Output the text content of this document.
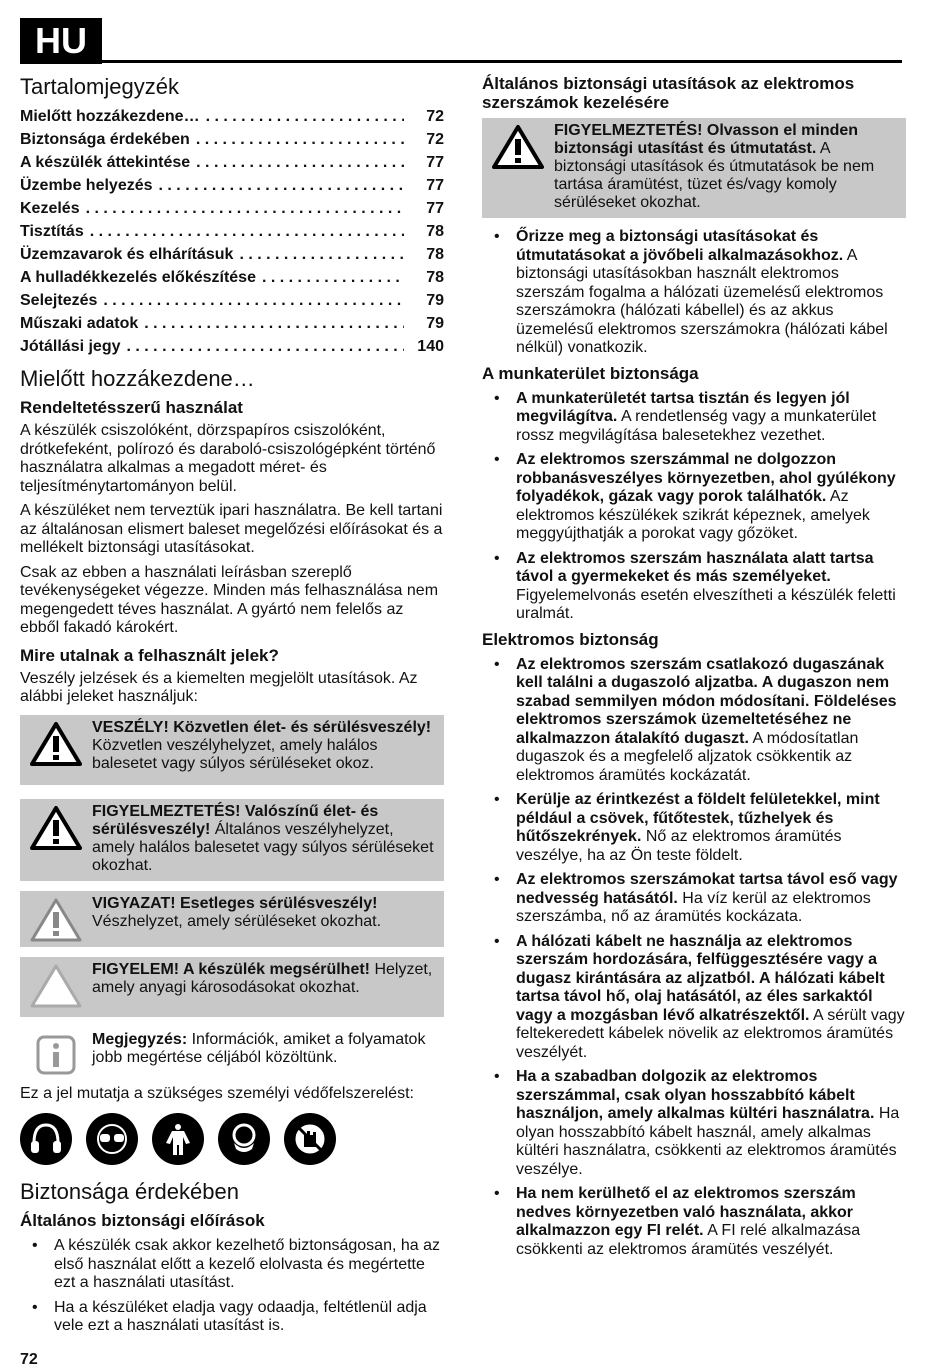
HU
Tartalomjegyzék
Mielőtt hozzákezdene… . . .	72
Biztonsága érdekében . . .	72
A készülék áttekintése . . .	77
Üzembe helyezés . . .	77
Kezelés . . .	77
Tisztítás . . .	78
Üzemzavarok és elhárításuk . . .	78
A hulladékkezelés előkészítése . . .	78
Selejtezés . . .	79
Műszaki adatok . . .	79
Jótállási jegy . . .	140
Mielőtt hozzákezdene…
Rendeltetésszerű használat

A készülék csiszolóként, dörzspapíros csiszolóként, drótkefeként, polírozó és daraboló-csiszológépként történő használatra alkalmas a megadott méret- és teljesítménytartományon belül.

A készüléket nem terveztük ipari használatra. Be kell tartani az általánosan elismert baleset megelőzési előírásokat és a mellékelt biztonsági utasításokat.

Csak az ebben a használati leírásban szereplő tevékenységeket végezze. Minden más felhasználása nem megengedett téves használat. A gyártó nem felelős az ebből fakadó károkért.

Mire utalnak a felhasznált jelek?

Veszély jelzések és a kiemelten megjelölt utasítások. Az alábbi jeleket használjuk:

VESZÉLY! Közvetlen élet- és sérülésveszély! Közvetlen veszélyhelyzet, amely halálos balesetet vagy súlyos sérüléseket okoz.
FIGYELMEZTETÉS! Valószínű élet- és sérülésveszély! Általános veszélyhelyzet, amely halálos balesetet vagy súlyos sérüléseket okozhat.
VIGYAZAT! Esetleges sérülésveszély!
Vészhelyzet, amely sérüléseket okozhat.
FIGYELEM! A készülék megsérülhet! Helyzet, amely anyagi károsodásokat okozhat.
Megjegyzés: Információk, amiket a folyamatok jobb megértése céljából közöltünk.

Ez a jel mutatja a szükséges személyi védőfelszerelést:

Biztonsága érdekében
Általános biztonsági előírások
• A készülék csak akkor kezelhető biztonságosan, ha az első használat előtt a kezelő elolvasta és megértette ezt a használati utasítást.
• Ha a készüléket eladja vagy odaadja, feltétlenül adja vele ezt a használati utasítást is.
Általános biztonsági utasítások az elektromos szerszámok kezelésére
FIGYELMEZTETÉS! Olvasson el minden biztonsági utasítást és útmutatást. A biztonsági utasítások és útmutatások be nem tartása áramütést, tüzet és/vagy komoly sérüléseket okozhat.
• Őrizze meg a biztonsági utasításokat és útmutatásokat a jövőbeli alkalmazásokhoz. A biztonsági utasításokban használt elektromos szerszám fogalma a hálózati üzemelésű elektromos szerszámokra (hálózati kábellel) és az akkus üzemelésű elektromos szerszámokra (hálózati kábel nélkül) vonatkozik.
A munkaterület biztonsága
• A munkaterületét tartsa tisztán és legyen jól megvilágítva. A rendetlenség vagy a munkaterület rossz megvilágítása balesetekhez vezethet.
• Az elektromos szerszámmal ne dolgozzon robbanásveszélyes környezetben, ahol gyúlékony folyadékok, gázak vagy porok találhatók. Az elektromos készülékek szikrát képeznek, amelyek meggyújthatják a porokat vagy gőzöket.
• Az elektromos szerszám használata alatt tartsa távol a gyermekeket és más személyeket. Figyelemelvonás esetén elveszítheti a készülék feletti uralmát.
Elektromos biztonság
• Az elektromos szerszám csatlakozó dugaszának kell találni a dugaszoló aljzatba. A dugaszon nem szabad semmilyen módon módosítani. Földeléses elektromos szerszámok üzemeltetéséhez ne alkalmazzon átalakító dugaszt. A módosítatlan dugaszok és a megfelelő aljzatok csökkentik az elektromos áramütés kockázatát.
• Kerülje az érintkezést a földelt felületekkel, mint például a csövek, fűtőtestek, tűzhelyek és hűtőszekrények. Nő az elektromos áramütés veszélye, ha az Ön teste földelt.
• Az elektromos szerszámokat tartsa távol eső vagy nedvesség hatásától. Ha víz kerül az elektromos szerszámba, nő az áramütés kockázata.
• A hálózati kábelt ne használja az elektromos szerszám hordozására, felfüggesztésére vagy a dugasz kirántására az aljzatból. A hálózati kábelt tartsa távol hő, olaj hatásától, az éles sarkaktól vagy a mozgásban lévő alkatrészektől. A sérült vagy feltekeredett kábelek növelik az elektromos áramütés veszélyét.
• Ha a szabadban dolgozik az elektromos szerszámmal, csak olyan hosszabbító kábelt használjon, amely alkalmas kültéri használatra. Ha olyan hosszabbító kábelt használ, amely alkalmas kültéri használatra, csökkenti az elektromos áramütés veszélye.
• Ha nem kerülhető el az elektromos szerszám nedves környezetben való használata, akkor alkalmazzon egy FI relét. A FI relé alkalmazása csökkenti az elektromos áramütés veszélyét.
72
